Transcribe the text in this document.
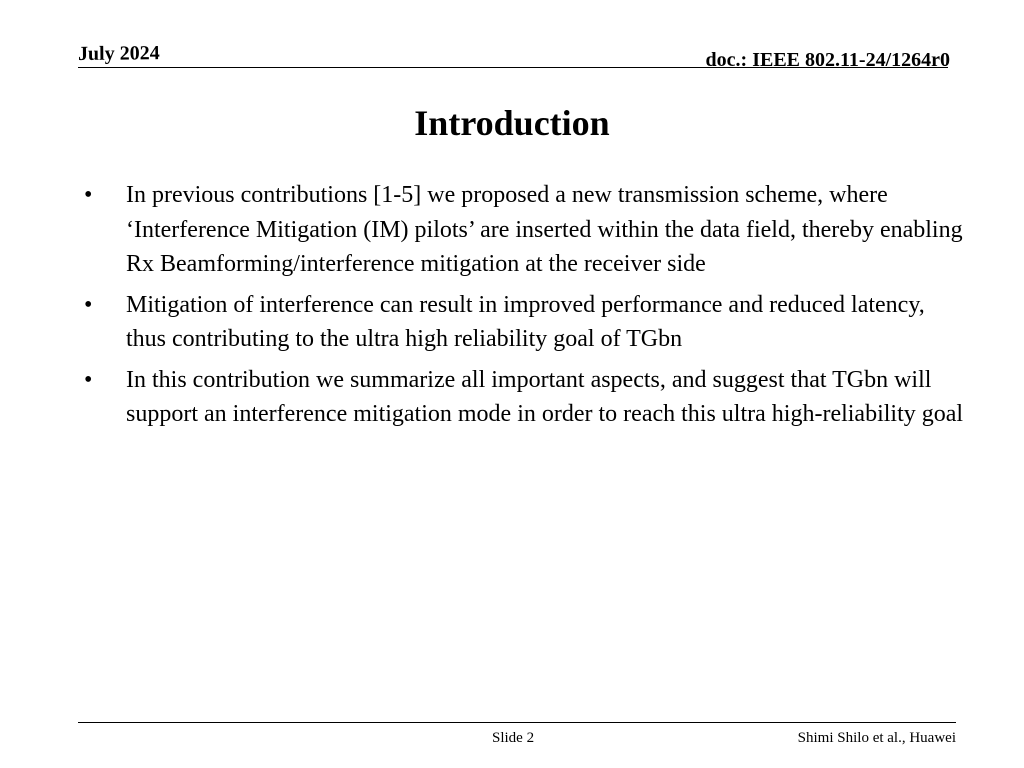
July 2024	doc.: IEEE 802.11-24/1264r0
Introduction
•	In previous contributions [1-5] we proposed a new transmission scheme, where ‘Interference Mitigation (IM) pilots’ are inserted within the data field, thereby enabling Rx Beamforming/interference mitigation at the receiver side
•	Mitigation of interference can result in improved performance and reduced latency, thus contributing to the ultra high reliability goal of TGbn
•	In this contribution we summarize all important aspects, and suggest that TGbn will support an interference mitigation mode in order to reach this ultra high-reliability goal
Slide 2	Shimi Shilo et al., Huawei
